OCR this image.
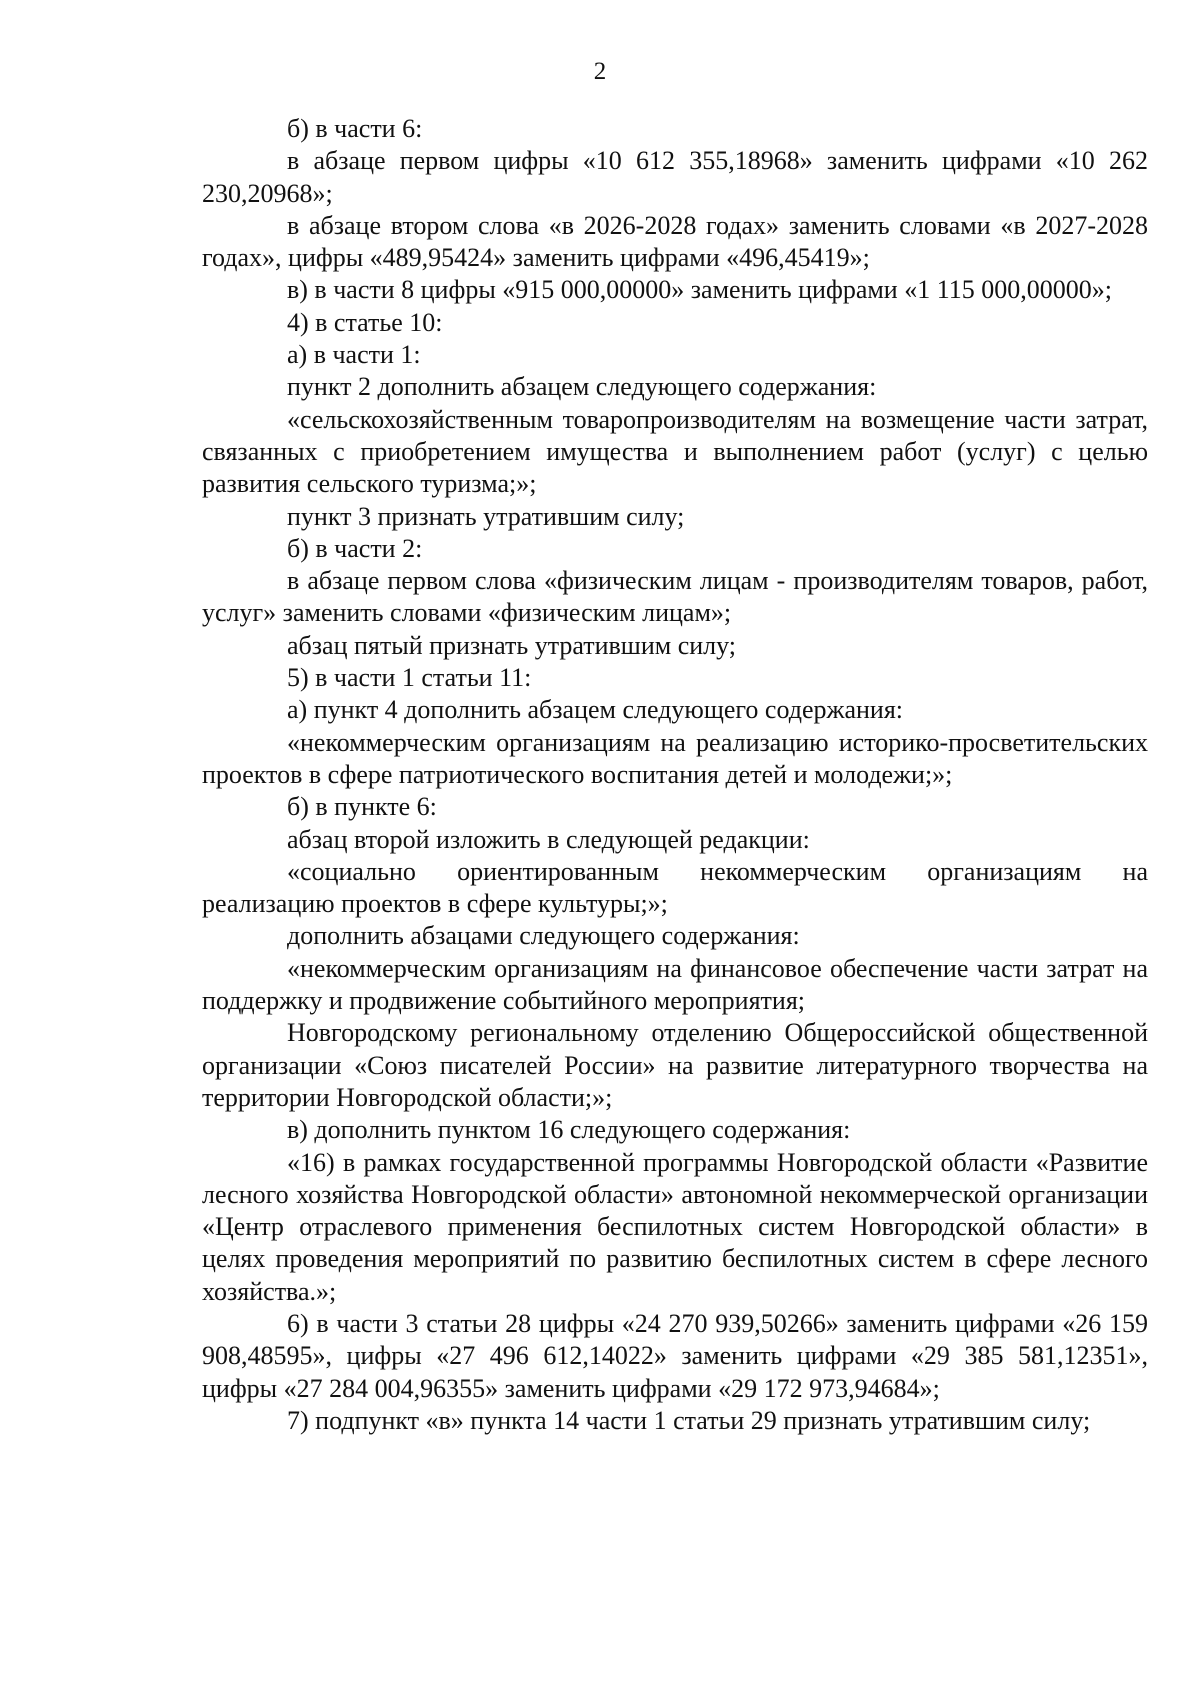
2

б) в части 6:

в абзаце первом цифры «10 612 355,18968» заменить цифрами «10 262 230,20968»;

в абзаце втором слова «в 2026-2028 годах» заменить словами «в 2027-2028 годах», цифры «489,95424» заменить цифрами «496,45419»;

в) в части 8 цифры «915 000,00000» заменить цифрами «1 115 000,00000»;

4) в статье 10:

а) в части 1:

пункт 2 дополнить абзацем следующего содержания:

«сельскохозяйственным товаропроизводителям на возмещение части затрат, связанных с приобретением имущества и выполнением работ (услуг) с целью развития сельского туризма;»;

пункт 3 признать утратившим силу;

б) в части 2:

в абзаце первом слова «физическим лицам - производителям товаров, работ, услуг» заменить словами «физическим лицам»;

абзац пятый признать утратившим силу;

5) в части 1 статьи 11:

а) пункт 4 дополнить абзацем следующего содержания:

«некоммерческим организациям на реализацию историко-просветительских проектов в сфере патриотического воспитания детей и молодежи;»;

б) в пункте 6:

абзац второй изложить в следующей редакции:

«социально ориентированным некоммерческим организациям на реализацию проектов в сфере культуры;»;

дополнить абзацами следующего содержания:

«некоммерческим организациям на финансовое обеспечение части затрат на поддержку и продвижение событийного мероприятия;

Новгородскому региональному отделению Общероссийской общественной организации «Союз писателей России» на развитие литературного творчества на территории Новгородской области;»;

в) дополнить пунктом 16 следующего содержания:

«16) в рамках государственной программы Новгородской области «Развитие лесного хозяйства Новгородской области» автономной некоммерческой организации «Центр отраслевого применения беспилотных систем Новгородской области» в целях проведения мероприятий по развитию беспилотных систем в сфере лесного хозяйства.»;

6) в части 3 статьи 28 цифры «24 270 939,50266» заменить цифрами «26 159 908,48595», цифры «27 496 612,14022» заменить цифрами «29 385 581,12351», цифры «27 284 004,96355» заменить цифрами «29 172 973,94684»;

7) подпункт «в» пункта 14 части 1 статьи 29 признать утратившим силу;
